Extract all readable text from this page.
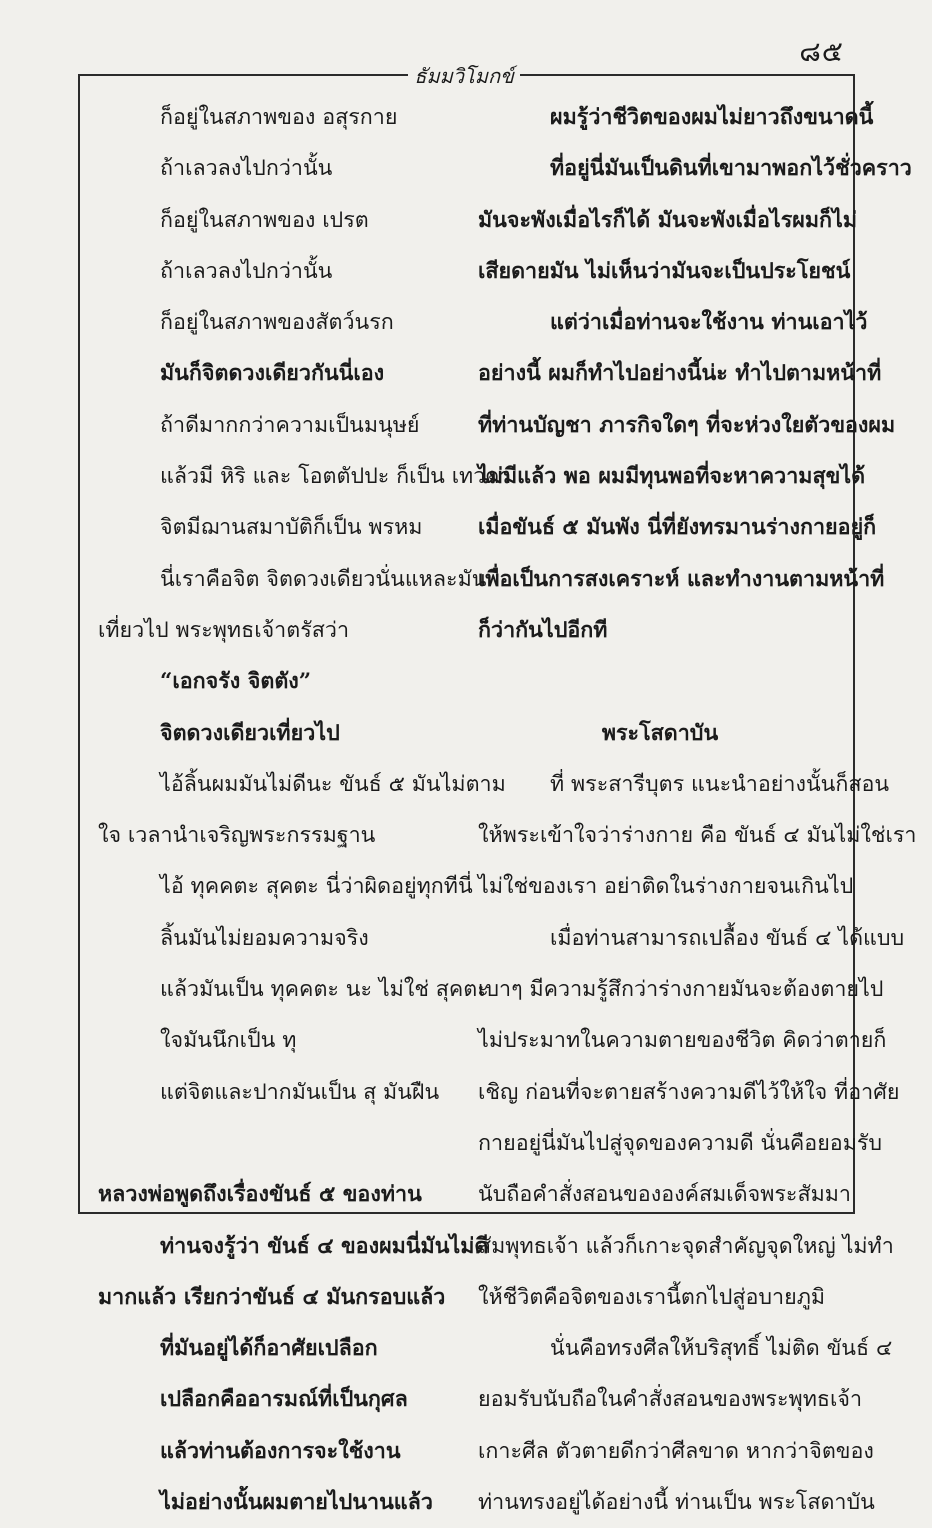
๘๕
ธัมมวิโมกข์
ก็อยู่ในสภาพของ อสุรกาย
ถ้าเลวลงไปกว่านั้น
ก็อยู่ในสภาพของ เปรต
ถ้าเลวลงไปกว่านั้น
ก็อยู่ในสภาพของสัตว์นรก
มันก็จิตดวงเดียวกันนี่เอง
ถ้าดีมากกว่าความเป็นมนุษย์
แล้วมี หิริ และ โอตตัปปะ ก็เป็น เทวดา
จิตมีฌานสมาบัติก็เป็น พรหม
นี่เราคือจิต จิตดวงเดียวนั่นแหละมัน
เที่ยวไป พระพุทธเจ้าตรัสว่า
“เอกจรัง จิตตัง”
จิตดวงเดียวเที่ยวไป
ไอ้ลิ้นผมมันไม่ดีนะ ขันธ์ ๕ มันไม่ตาม
ใจ เวลานำเจริญพระกรรมฐาน
ไอ้ ทุคคตะ สุคตะ นี่ว่าผิดอยู่ทุกทีนี่
ลิ้นมันไม่ยอมความจริง
แล้วมันเป็น ทุคคตะ นะ ไม่ใช่ สุคตะ
ใจมันนึกเป็น ทุ
แต่จิตและปากมันเป็น สุ มันฝืน
หลวงพ่อพูดถึงเรื่องขันธ์ ๕ ของท่าน
ท่านจงรู้ว่า ขันธ์ ๔ ของผมนี่มันไม่ดี
มากแล้ว เรียกว่าขันธ์ ๔ มันกรอบแล้ว
ที่มันอยู่ได้ก็อาศัยเปลือก
เปลือกคืออารมณ์ที่เป็นกุศล
แล้วท่านต้องการจะใช้งาน
ไม่อย่างนั้นผมตายไปนานแล้ว
ผมรู้ว่าชีวิตของผมไม่ยาวถึงขนาดนี้
ที่อยู่นี่มันเป็นดินที่เขามาพอกไว้ชั่วคราว
มันจะพังเมื่อไรก็ได้ มันจะพังเมื่อไรผมก็ไม่
เสียดายมัน ไม่เห็นว่ามันจะเป็นประโยชน์
แต่ว่าเมื่อท่านจะใช้งาน ท่านเอาไว้
อย่างนี้ ผมก็ทำไปอย่างนี้น่ะ ทำไปตามหน้าที่
ที่ท่านบัญชา ภารกิจใดๆ ที่จะห่วงใยตัวของผม
ไม่มีแล้ว พอ ผมมีทุนพอที่จะหาความสุขได้
เมื่อขันธ์ ๕ มันพัง นี่ที่ยังทรมานร่างกายอยู่ก็
เพื่อเป็นการสงเคราะห์ และทำงานตามหน้าที่
ก็ว่ากันไปอีกที
พระโสดาบัน
ที่ พระสารีบุตร แนะนำอย่างนั้นก็สอน
ให้พระเข้าใจว่าร่างกาย คือ ขันธ์ ๔ มันไม่ใช่เรา
ไม่ใช่ของเรา อย่าติดในร่างกายจนเกินไป
เมื่อท่านสามารถเปลื้อง ขันธ์ ๔ ได้แบบ
เบาๆ มีความรู้สึกว่าร่างกายมันจะต้องตายไป
ไม่ประมาทในความตายของชีวิต คิดว่าตายก็
เชิญ ก่อนที่จะตายสร้างความดีไว้ให้ใจ ที่อาศัย
กายอยู่นี่มันไปสู่จุดของความดี นั่นคือยอมรับ
นับถือคำสั่งสอนขององค์สมเด็จพระสัมมา
สัมพุทธเจ้า แล้วก็เกาะจุดสำคัญจุดใหญ่ ไม่ทำ
ให้ชีวิตคือจิตของเรานี้ตกไปสู่อบายภูมิ
นั่นคือทรงศีลให้บริสุทธิ์ ไม่ติด ขันธ์ ๔
ยอมรับนับถือในคำสั่งสอนของพระพุทธเจ้า
เกาะศีล ตัวตายดีกว่าศีลขาด หากว่าจิตของ
ท่านทรงอยู่ได้อย่างนี้ ท่านเป็น พระโสดาบัน
